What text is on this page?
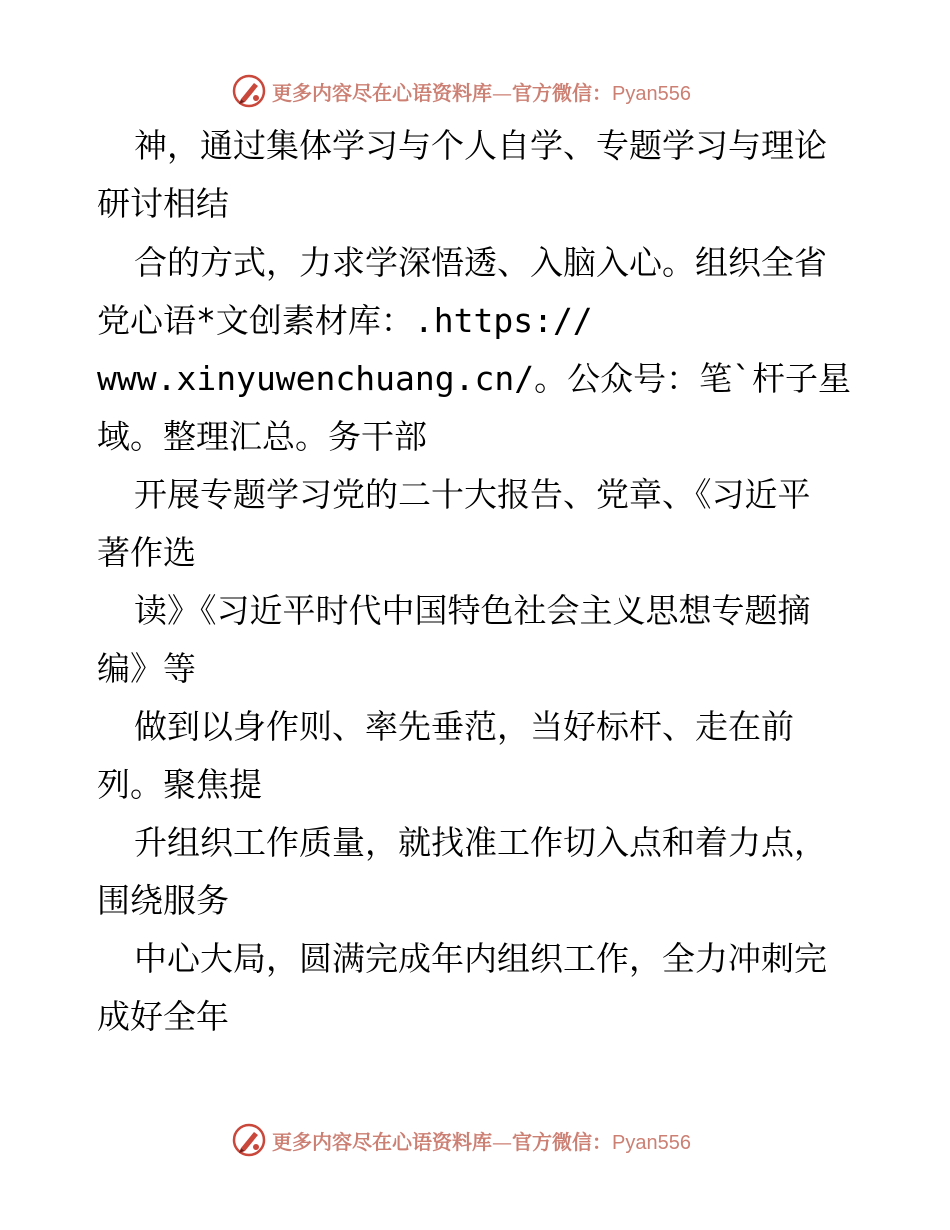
更多内容尽在心语资料库—官方微信：Pyan556

神，通过集体学习与个人自学、专题学习与理论

研讨相结

合的方式，力求学深悟透、入脑入心。组织全省

党心语*文创素材库：.https://

www.xinyuwenchuang.cn/。公众号：笔`杆子星

域。整理汇总。务干部

开展专题学习党的二十大报告、党章、《习近平

著作选

读》《习近平时代中国特色社会主义思想专题摘

编》等

做到以身作则、率先垂范，当好标杆、走在前

列。聚焦提

升组织工作质量，就找准工作切入点和着力点，

围绕服务

中心大局，圆满完成年内组织工作，全力冲刺完

成好全年

更多内容尽在心语资料库—官方微信：Pyan556
